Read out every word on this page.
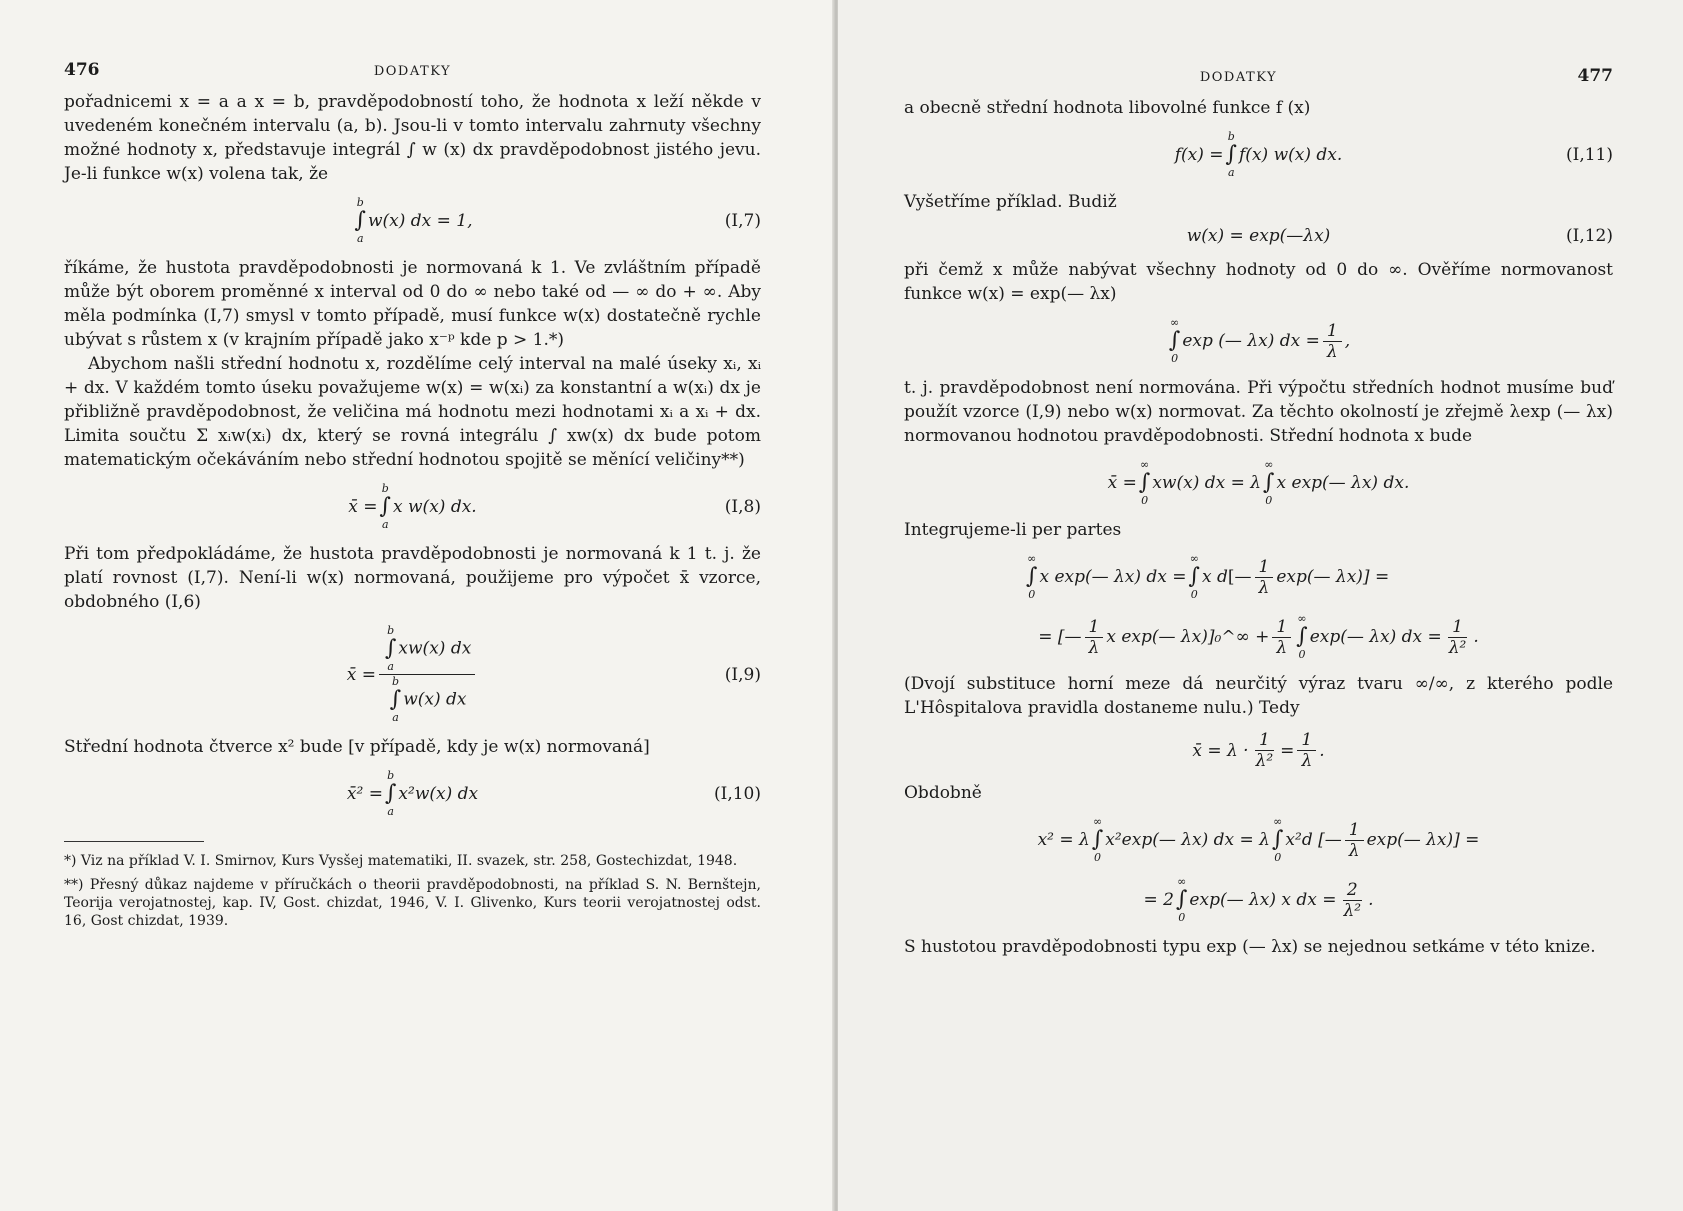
476	DODATKY

pořadnicemi x = a a x = b, pravděpodobností toho, že hodnota x leží někde v uvedeném konečném intervalu (a, b). Jsou-li v tomto intervalu zahrnuty všechny možné hodnoty x, představuje integrál ∫ w (x) dx pravděpodobnost jistého jevu. Je-li funkce w(x) volena tak, že

b
∫
a
w(x) dx = 1,	(I,7)

říkáme, že hustota pravděpodobnosti je normovaná k 1. Ve zvláštním případě může být oborem proměnné x interval od 0 do ∞ nebo také od — ∞ do + ∞. Aby měla podmínka (I,7) smysl v tomto případě, musí funkce w(x) dostatečně rychle ubývat s růstem x (v krajním případě jako x⁻ᵖ kde p > 1.*)

Abychom našli střední hodnotu x, rozdělíme celý interval na malé úseky xᵢ, xᵢ + dx. V každém tomto úseku považujeme w(x) = w(xᵢ) za konstantní a w(xᵢ) dx je přibližně pravděpodobnost, že veličina má hodnotu mezi hodnotami xᵢ a xᵢ + dx. Limita součtu Σ xᵢw(xᵢ) dx, který se rovná integrálu ∫ xw(x) dx bude potom matematickým očekáváním nebo střední hodnotou spojitě se měnící veličiny**)

x̄ =
b
∫
a
x w(x) dx.	(I,8)

Při tom předpokládáme, že hustota pravděpodobnosti je normovaná k 1 t. j. že platí rovnost (I,7). Není-li w(x) normovaná, použijeme pro výpočet x̄ vzorce, obdobného (I,6)

x̄ = b
∫
a
xw(x) dx
b
∫
a
w(x) dx	(I,9)

Střední hodnota čtverce x² bude [v případě, kdy je w(x) normovaná]

x̄² =
b
∫
a
x²w(x) dx	(I,10)

*) Viz na příklad V. I. Smirnov, Kurs Vysšej matematiki, II. svazek, str. 258, Gostechizdat, 1948.

**) Přesný důkaz najdeme v příručkách o theorii pravděpodobnosti, na příklad S. N. Bernštejn, Teorija verojatnostej, kap. IV, Gost. chizdat, 1946, V. I. Glivenko, Kurs teorii verojatnostej odst. 16, Gost chizdat, 1939.

DODATKY	477

a obecně střední hodnota libovolné funkce f (x)

f(x) =
b
∫
a
f(x) w(x) dx.	(I,11)

Vyšetříme příklad. Budiž

w(x) = exp(—λx)	(I,12)

při čemž x může nabývat všechny hodnoty od 0 do ∞. Ověříme normovanost funkce w(x) = exp(— λx)

∞
∫
0
exp (— λx) dx = $\frac{1}{\lambda}$ ,

t. j. pravděpodobnost není normována. Při výpočtu středních hodnot musíme buď použít vzorce (I,9) nebo w(x) normovat. Za těchto okolností je zřejmě λexp (— λx) normovanou hodnotou pravděpodobnosti. Střední hodnota x bude

x̄ =
∞
∫
0
xw(x) dx = λ
∞
∫
0
x exp(— λx) dx.

Integrujeme-li per partes

∞
∫
0
x exp(— λx) dx =
∞
∫
0
x d [— $\frac{1}{\lambda}$ exp(— λx)] =
= [— $\frac{1}{\lambda}$ x exp(— λx)]₀^∞ + $\frac{1}{\lambda}$ ∞
∫
0
exp(— λx) dx = $\frac{1}{\text{λ²}}$ .

(Dvojí substituce horní meze dá neurčitý výraz tvaru ∞/∞, z kterého podle L'Hôspitalova pravidla dostaneme nulu.) Tedy

x̄ = $\lambda \cdot \frac{1}{\text{λ²}} = \frac{1}{\lambda}$ .

Obdobně

x² = λ
∞
∫
0
x²exp(— λx) dx = λ
∞
∫
0
x²d [— $\frac{1}{\lambda}$ exp(— λx)] =
= 2
∞
∫
0
exp(— λx) x dx = $\frac{2}{\text{λ²}}$ .

S hustotou pravděpodobnosti typu exp (— λx) se nejednou setkáme v této knize.
